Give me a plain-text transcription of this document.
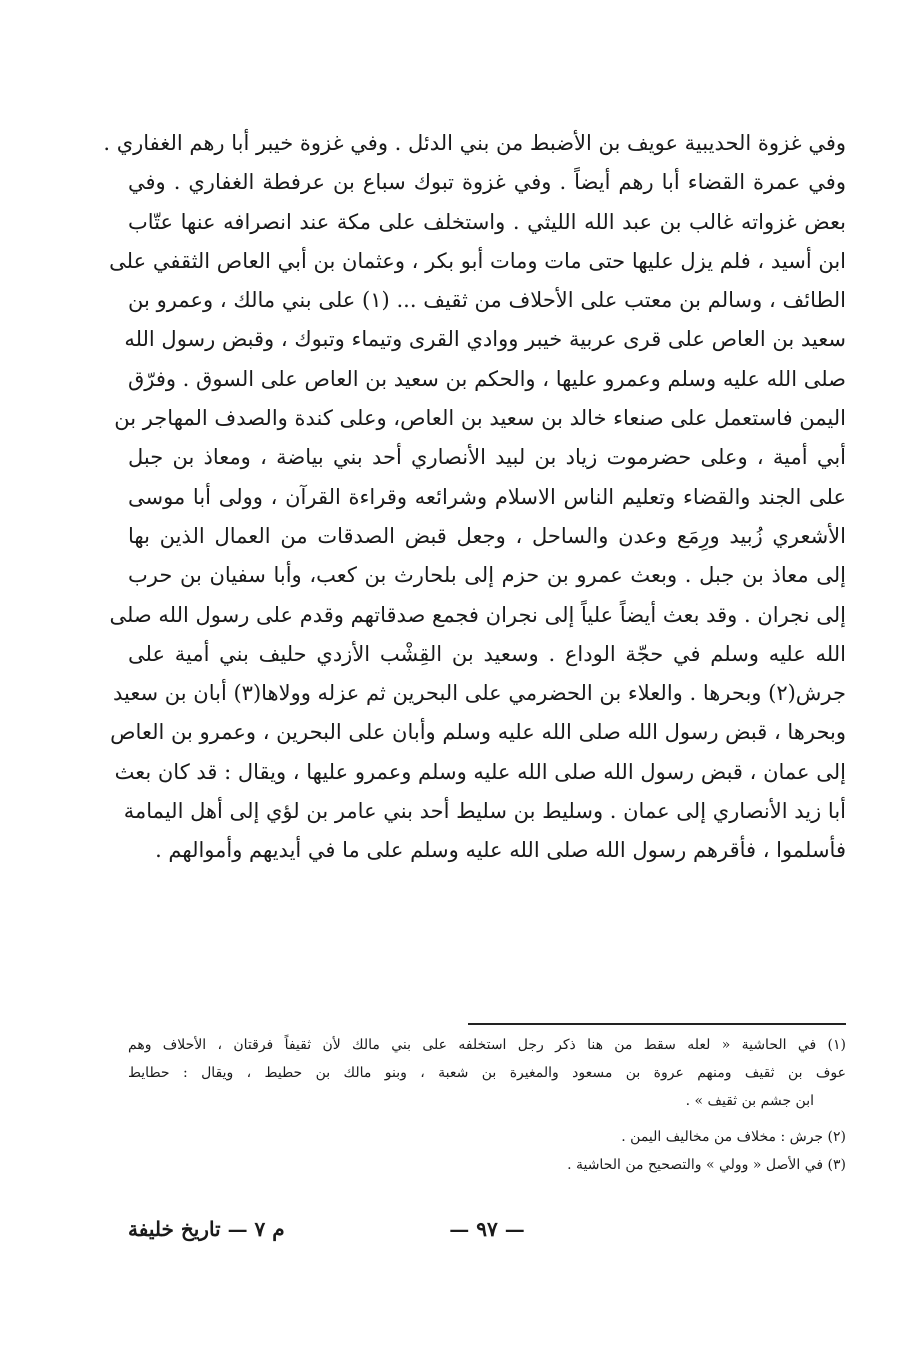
وفي غزوة الحديبية عويف بن الأضبط من بني الدئل . وفي غزوة خيبر أبا رهم الغفاري .
وفي عمرة القضاء أبا رهم أيضاً . وفي غزوة تبوك سباع بن عرفطة الغفاري . وفي
بعض غزواته غالب بن عبد الله الليثي . واستخلف على مكة عند انصرافه عنها عتّاب
ابن أسيد ، فلم يزل عليها حتى مات ومات أبو بكر ، وعثمان بن أبي العاص الثقفي على
الطائف ، وسالم بن معتب على الأحلاف من ثقيف ... (١) على بني مالك ، وعمرو بن
سعيد بن العاص على قرى عربية خيبر ووادي القرى وتيماء وتبوك ، وقبض رسول الله
صلى الله عليه وسلم وعمرو عليها ، والحكم بن سعيد بن العاص على السوق . وفرّق
اليمن فاستعمل على صنعاء خالد بن سعيد بن العاص، وعلى كندة والصدف المهاجر بن
أبي أمية ، وعلى حضرموت زياد بن لبيد الأنصاري أحد بني بياضة ، ومعاذ بن جبل
على الجند والقضاء وتعليم الناس الاسلام وشرائعه وقراءة القرآن ، وولى أبا موسى
الأشعري زُبيد ورِمَع وعدن والساحل ، وجعل قبض الصدقات من العمال الذين بها
إلى معاذ بن جبل . وبعث عمرو بن حزم إلى بلحارث بن كعب، وأبا سفيان بن حرب
إلى نجران . وقد بعث أيضاً علياً إلى نجران فجمع صدقاتهم وقدم على رسول الله صلى
الله عليه وسلم في حجّة الوداع . وسعيد بن القِشْب الأزدي حليف بني أمية على
جرش(٢) وبحرها . والعلاء بن الحضرمي على البحرين ثم عزله وولاها(٣) أبان بن سعيد
وبحرها ، قبض رسول الله صلى الله عليه وسلم وأبان على البحرين ، وعمرو بن العاص
إلى عمان ، قبض رسول الله صلى الله عليه وسلم وعمرو عليها ، ويقال : قد كان بعث
أبا زيد الأنصاري إلى عمان . وسليط بن سليط أحد بني عامر بن لؤي إلى أهل اليمامة
فأسلموا ، فأقرهم رسول الله صلى الله عليه وسلم على ما في أيديهم وأموالهم .
(١) في الحاشية « لعله سقط من هنا ذكر رجل استخلفه على بني مالك لأن ثقيفاً فرقتان ، الأحلاف وهم
عوف بن ثقيف ومنهم عروة بن مسعود والمغيرة بن شعبة ، وبنو مالك بن حطيط ، ويقال : حطايط
ابن جشم بن ثقيف » .
(٢) جرش : مخلاف من مخاليف اليمن .
(٣) في الأصل « وولي » والتصحيح من الحاشية .
— ٩٧ —
م ٧ — تاريخ خليفة
